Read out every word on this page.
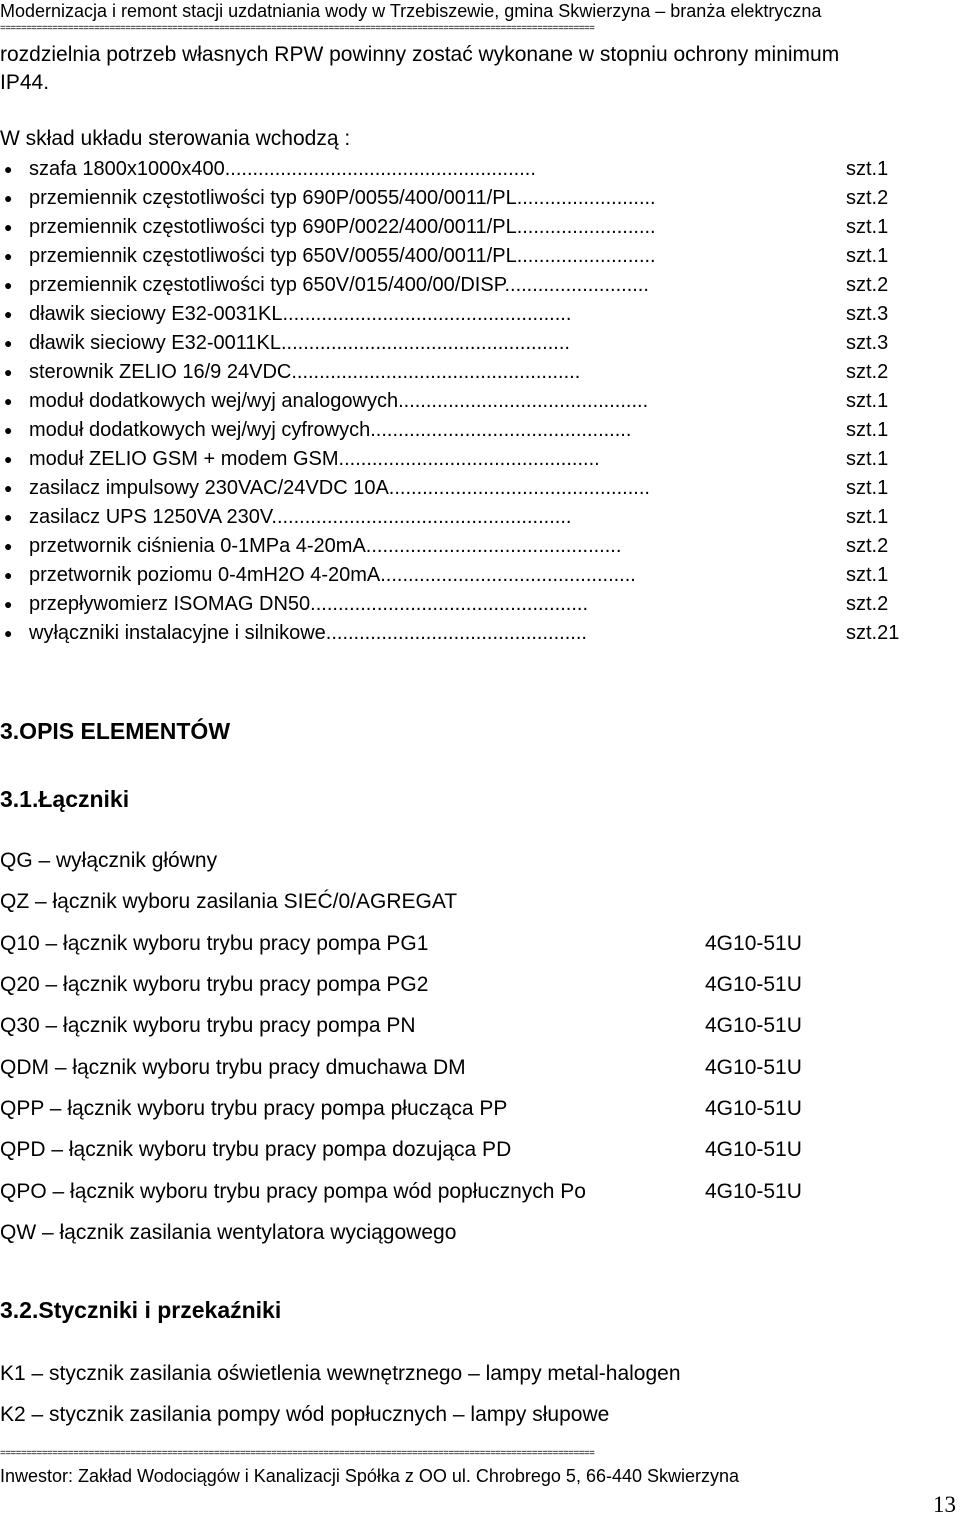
Modernizacja i remont stacji uzdatniania wody w Trzebiszewie, gmina Skwierzyna – branża elektryczna
==================================================================================================================
rozdzielnia potrzeb własnych RPW powinny zostać wykonane w stopniu ochrony minimum
IP44.
W skład układu sterowania wchodzą :
● szafa 1800x1000x400........................................................	szt.1
● przemiennik częstotliwości typ 690P/0055/400/0011/PL.........................	szt.2
● przemiennik częstotliwości typ 690P/0022/400/0011/PL.........................	szt.1
● przemiennik częstotliwości typ 650V/0055/400/0011/PL.........................	szt.1
● przemiennik częstotliwości typ 650V/015/400/00/DISP..........................	szt.2
● dławik sieciowy E32-0031KL....................................................	szt.3
● dławik sieciowy E32-0011KL....................................................	szt.3
● sterownik ZELIO 16/9 24VDC....................................................	szt.2
● moduł dodatkowych wej/wyj analogowych.............................................	szt.1
● moduł dodatkowych wej/wyj cyfrowych...............................................	szt.1
● moduł ZELIO GSM + modem GSM...............................................	szt.1
● zasilacz impulsowy 230VAC/24VDC 10A...............................................	szt.1
● zasilacz UPS 1250VA 230V......................................................	szt.1
● przetwornik ciśnienia 0-1MPa 4-20mA..............................................	szt.2
● przetwornik poziomu 0-4mH2O 4-20mA..............................................	szt.1
● przepływomierz ISOMAG DN50..................................................	szt.2
● wyłączniki instalacyjne i silnikowe...............................................	szt.21
3.OPIS ELEMENTÓW
3.1.Łączniki
QG – wyłącznik główny
QZ – łącznik wyboru zasilania SIEĆ/0/AGREGAT
Q10 – łącznik wyboru trybu pracy pompa PG1	4G10-51U
Q20 – łącznik wyboru trybu pracy pompa PG2	4G10-51U
Q30 – łącznik wyboru trybu pracy pompa PN	4G10-51U
QDM – łącznik wyboru trybu pracy dmuchawa DM	4G10-51U
QPP – łącznik wyboru trybu pracy pompa płucząca PP	4G10-51U
QPD – łącznik wyboru trybu pracy pompa dozująca PD	4G10-51U
QPO – łącznik wyboru trybu pracy pompa wód popłucznych Po	4G10-51U
QW – łącznik zasilania wentylatora wyciągowego
3.2.Styczniki i przekaźniki
K1 – stycznik zasilania oświetlenia wewnętrznego – lampy metal-halogen
K2 – stycznik zasilania pompy wód popłucznych – lampy słupowe
==================================================================================================================
Inwestor: Zakład Wodociągów i Kanalizacji Spółka z OO ul. Chrobrego 5, 66-440 Skwierzyna
13
